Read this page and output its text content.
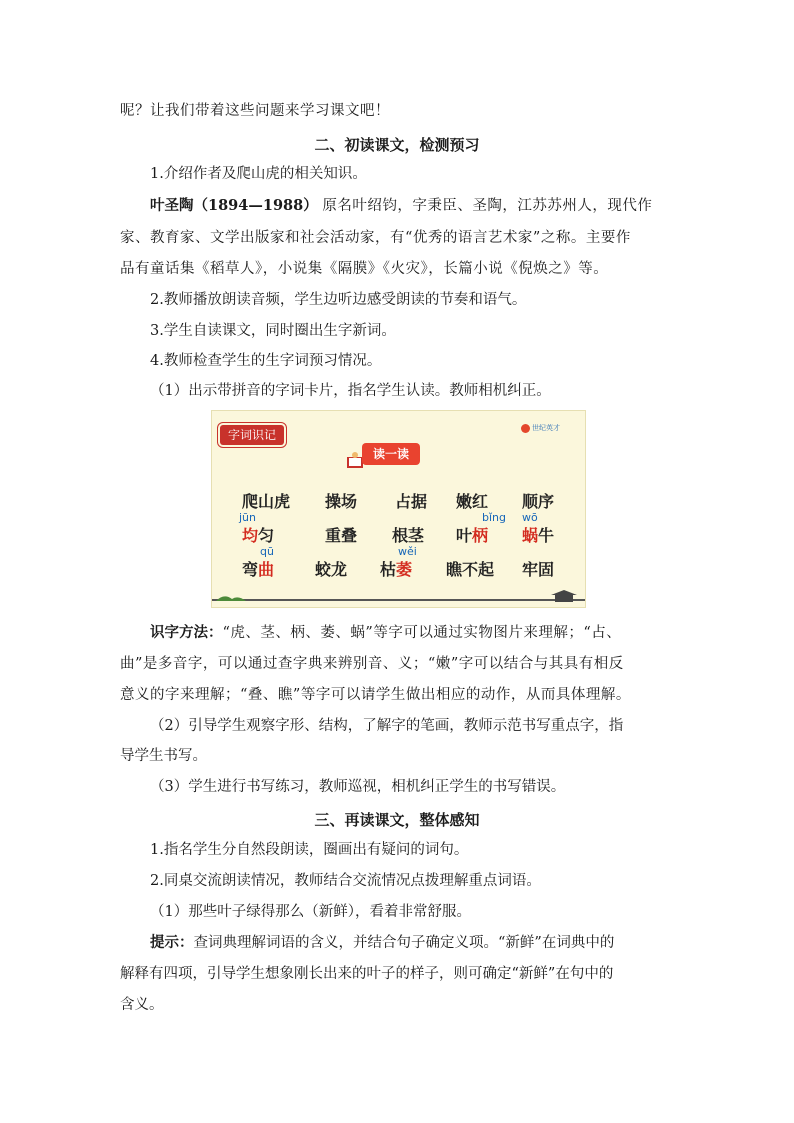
呢？让我们带着这些问题来学习课文吧！
二、初读课文，检测预习
1.介绍作者及爬山虎的相关知识。
叶圣陶（1894—1988） 原名叶绍钧，字秉臣、圣陶，江苏苏州人，现代作
家、教育家、文学出版家和社会活动家，有“优秀的语言艺术家”之称。主要作
品有童话集《稻草人》，小说集《隔膜》《火灾》，长篇小说《倪焕之》等。
2.教师播放朗读音频，学生边听边感受朗读的节奏和语气。
3.学生自读课文，同时圈出生字新词。
4.教师检查学生的生字词预习情况。
（1）出示带拼音的字词卡片，指名学生认读。教师相机纠正。
字词识记	世纪英才
读一读
爬山虎 操场 占据 嫩红 顺序
jūn	bǐng wō
均匀	重叠 根茎 叶柄 蜗牛
qū	wěi
弯曲	蛟龙 枯萎 瞧不起 牢固
识字方法：“虎、茎、柄、萎、蜗”等字可以通过实物图片来理解；“占、
曲”是多音字，可以通过查字典来辨别音、义；“嫩”字可以结合与其具有相反
意义的字来理解；“叠、瞧”等字可以请学生做出相应的动作，从而具体理解。
（2）引导学生观察字形、结构，了解字的笔画，教师示范书写重点字，指
导学生书写。
（3）学生进行书写练习，教师巡视，相机纠正学生的书写错误。
三、再读课文，整体感知
1.指名学生分自然段朗读，圈画出有疑问的词句。
2.同桌交流朗读情况，教师结合交流情况点拨理解重点词语。
（1）那些叶子绿得那么（新鲜），看着非常舒服。
提示：查词典理解词语的含义，并结合句子确定义项。“新鲜”在词典中的
解释有四项，引导学生想象刚长出来的叶子的样子，则可确定“新鲜”在句中的
含义。
